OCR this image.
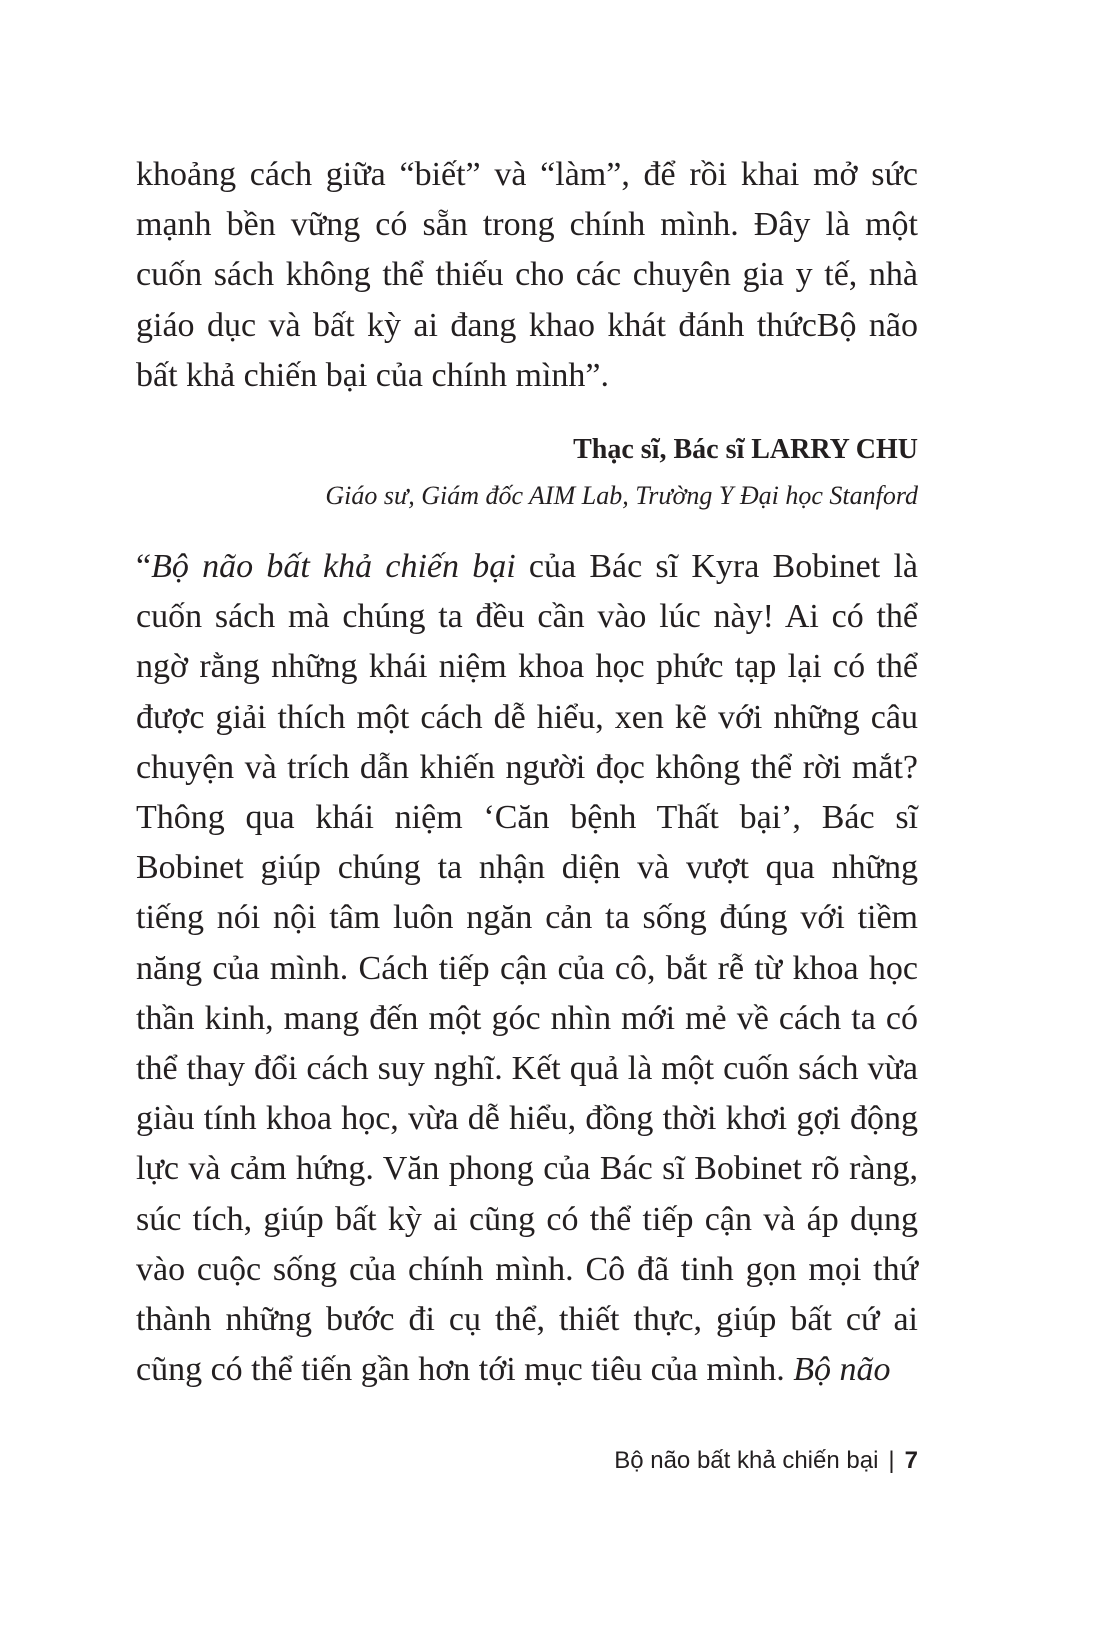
khoảng cách giữa “biết” và “làm”, để rồi khai mở sức mạnh bền vững có sẵn trong chính mình. Đây là một cuốn sách không thể thiếu cho các chuyên gia y tế, nhà giáo dục và bất kỳ ai đang khao khát đánh thứcBộ não bất khả chiến bại của chính mình”.

Thạc sĩ, Bác sĩ LARRY CHU
Giáo sư, Giám đốc AIM Lab, Trường Y Đại học Stanford

“Bộ não bất khả chiến bại của Bác sĩ Kyra Bobinet là cuốn sách mà chúng ta đều cần vào lúc này! Ai có thể ngờ rằng những khái niệm khoa học phức tạp lại có thể được giải thích một cách dễ hiểu, xen kẽ với những câu chuyện và trích dẫn khiến người đọc không thể rời mắt? Thông qua khái niệm ‘Căn bệnh Thất bại’, Bác sĩ Bobinet giúp chúng ta nhận diện và vượt qua những tiếng nói nội tâm luôn ngăn cản ta sống đúng với tiềm năng của mình. Cách tiếp cận của cô, bắt rễ từ khoa học thần kinh, mang đến một góc nhìn mới mẻ về cách ta có thể thay đổi cách suy nghĩ. Kết quả là một cuốn sách vừa giàu tính khoa học, vừa dễ hiểu, đồng thời khơi gợi động lực và cảm hứng. Văn phong của Bác sĩ Bobinet rõ ràng, súc tích, giúp bất kỳ ai cũng có thể tiếp cận và áp dụng vào cuộc sống của chính mình. Cô đã tinh gọn mọi thứ thành những bước đi cụ thể, thiết thực, giúp bất cứ ai cũng có thể tiến gần hơn tới mục tiêu của mình. Bộ não

Bộ não bất khả chiến bại | 7
